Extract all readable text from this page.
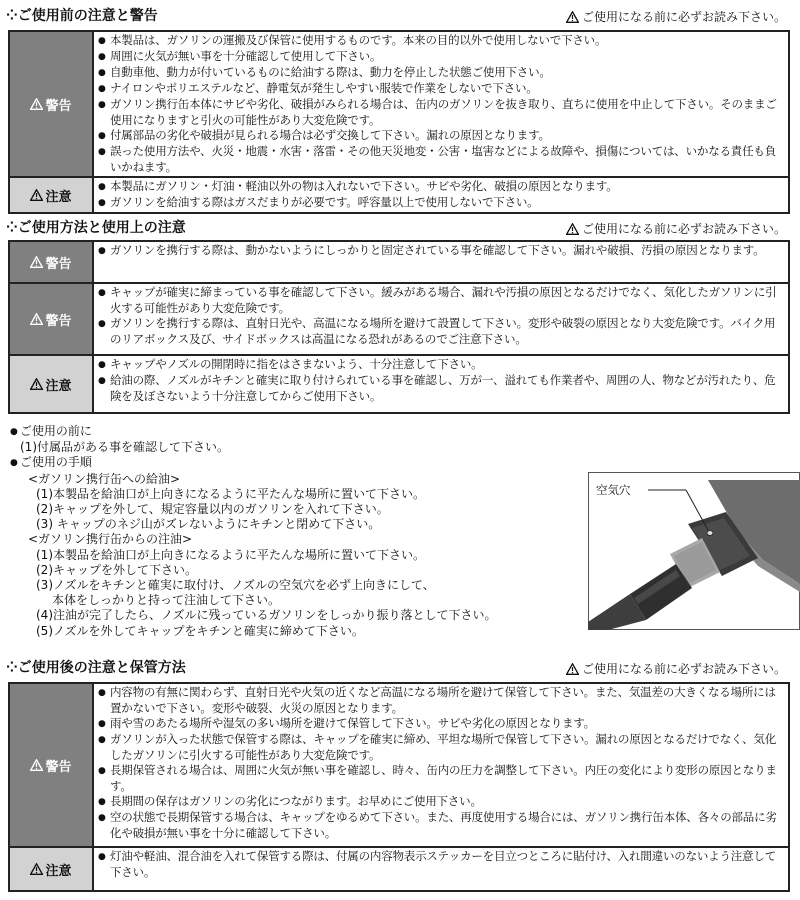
⁘ご使用前の注意と警告	ご使用になる前に必ずお読み下さい。
警告
● 本製品は、ガソリンの運搬及び保管に使用するものです。本来の目的以外で使用しないで下さい。
● 周囲に火気が無い事を十分確認して使用して下さい。
● 自動車他、動力が付いているものに給油する際は、動力を停止した状態ご使用下さい。
● ナイロンやポリエステルなど、静電気が発生しやすい服装で作業をしないで下さい。
● ガソリン携行缶本体にサビや劣化、破損がみられる場合は、缶内のガソリンを抜き取り、直ちに使用を中止して下さい。そのままご使用になりますと引火の可能性があり大変危険です。
● 付属部品の劣化や破損が見られる場合は必ず交換して下さい。漏れの原因となります。
● 誤った使用方法や、火災・地震・水害・落雷・その他天災地変・公害・塩害などによる故障や、損傷については、いかなる責任も負いかねます。
注意
● 本製品にガソリン・灯油・軽油以外の物は入れないで下さい。サビや劣化、破損の原因となります。
● ガソリンを給油する際はガスだまりが必要です。呼容量以上で使用しないで下さい。
⁘ご使用方法と使用上の注意	ご使用になる前に必ずお読み下さい。
警告
● ガソリンを携行する際は、動かないようにしっかりと固定されている事を確認して下さい。漏れや破損、汚損の原因となります。
警告
● キャップが確実に締まっている事を確認して下さい。緩みがある場合、漏れや汚損の原因となるだけでなく、気化したガソリンに引火する可能性があり大変危険です。
● ガソリンを携行する際は、直射日光や、高温になる場所を避けて設置して下さい。変形や破裂の原因となり大変危険です。バイク用のリアボックス及び、サイドボックスは高温になる恐れがあるのでご注意下さい。
注意
● キャップやノズルの開閉時に指をはさまないよう、十分注意して下さい。
● 給油の際、ノズルがキチンと確実に取り付けられている事を確認し、万が一、溢れても作業者や、周囲の人、物などが汚れたり、危険を及ぼさないよう十分注意してからご使用下さい。
● ご使用の前に
(1)付属品がある事を確認して下さい。
● ご使用の手順
<ガソリン携行缶への給油>
(1)本製品を給油口が上向きになるように平たんな場所に置いて下さい。
(2)キャップを外して、規定容量以内のガソリンを入れて下さい。
(3) キャップのネジ山がズレないようにキチンと閉めて下さい。
<ガソリン携行缶からの注油>
(1)本製品を給油口が上向きになるように平たんな場所に置いて下さい。
(2)キャップを外して下さい。
(3)ノズルをキチンと確実に取付け、ノズルの空気穴を必ず上向きにして、
本体をしっかりと持って注油して下さい。
(4)注油が完了したら、ノズルに残っているガソリンをしっかり振り落として下さい。
(5)ノズルを外してキャップをキチンと確実に締めて下さい。
空気穴
⁘ご使用後の注意と保管方法	ご使用になる前に必ずお読み下さい。
警告
● 内容物の有無に関わらず、直射日光や火気の近くなど高温になる場所を避けて保管して下さい。また、気温差の大きくなる場所には置かないで下さい。変形や破裂、火災の原因となります。
● 雨や雪のあたる場所や湿気の多い場所を避けて保管して下さい。サビや劣化の原因となります。
● ガソリンが入った状態で保管する際は、キャップを確実に締め、平坦な場所で保管して下さい。漏れの原因となるだけでなく、気化したガソリンに引火する可能性があり大変危険です。
● 長期保管される場合は、周囲に火気が無い事を確認し、時々、缶内の圧力を調整して下さい。内圧の変化により変形の原因となります。
● 長期間の保存はガソリンの劣化につながります。お早めにご使用下さい。
● 空の状態で長期保管する場合は、キャップをゆるめて下さい。また、再度使用する場合には、ガソリン携行缶本体、各々の部品に劣化や破損が無い事を十分に確認して下さい。
注意
● 灯油や軽油、混合油を入れて保管する際は、付属の内容物表示ステッカーを目立つところに貼付け、入れ間違いのないよう注意して下さい。
